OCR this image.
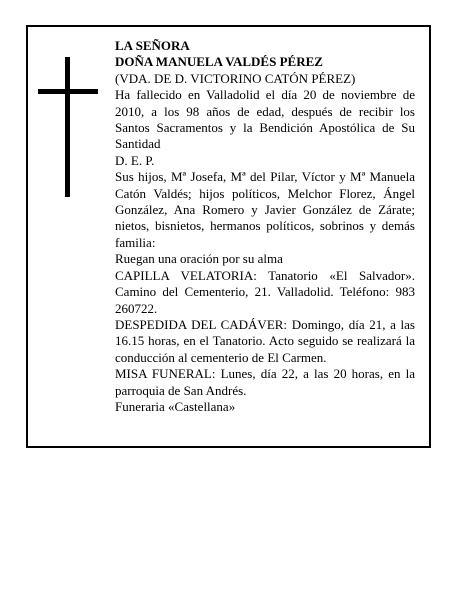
LA SEÑORA

DOÑA MANUELA VALDÉS PÉREZ

(VDA. DE D. VICTORINO CATÓN PÉREZ)

Ha fallecido en Valladolid el día 20 de noviembre de 2010, a los 98 años de edad, después de recibir los Santos Sacramentos y la Bendición Apostólica de Su Santidad

D. E. P.

Sus hijos, Mª Josefa, Mª del Pilar, Víctor y Mª Manuela Catón Valdés; hijos políticos, Melchor Florez, Ángel González, Ana Romero y Javier González de Zárate; nietos, bisnietos, hermanos políticos, sobrinos y demás familia:

Ruegan una oración por su alma

CAPILLA VELATORIA: Tanatorio «El Salvador». Camino del Cementerio, 21. Valladolid. Teléfono: 983 260722.

DESPEDIDA DEL CADÁVER: Domingo, día 21, a las 16.15 horas, en el Tanatorio. Acto seguido se realizará la conducción al cementerio de El Carmen.

MISA FUNERAL: Lunes, día 22, a las 20 horas, en la parroquia de San Andrés.

Funeraria «Castellana»
